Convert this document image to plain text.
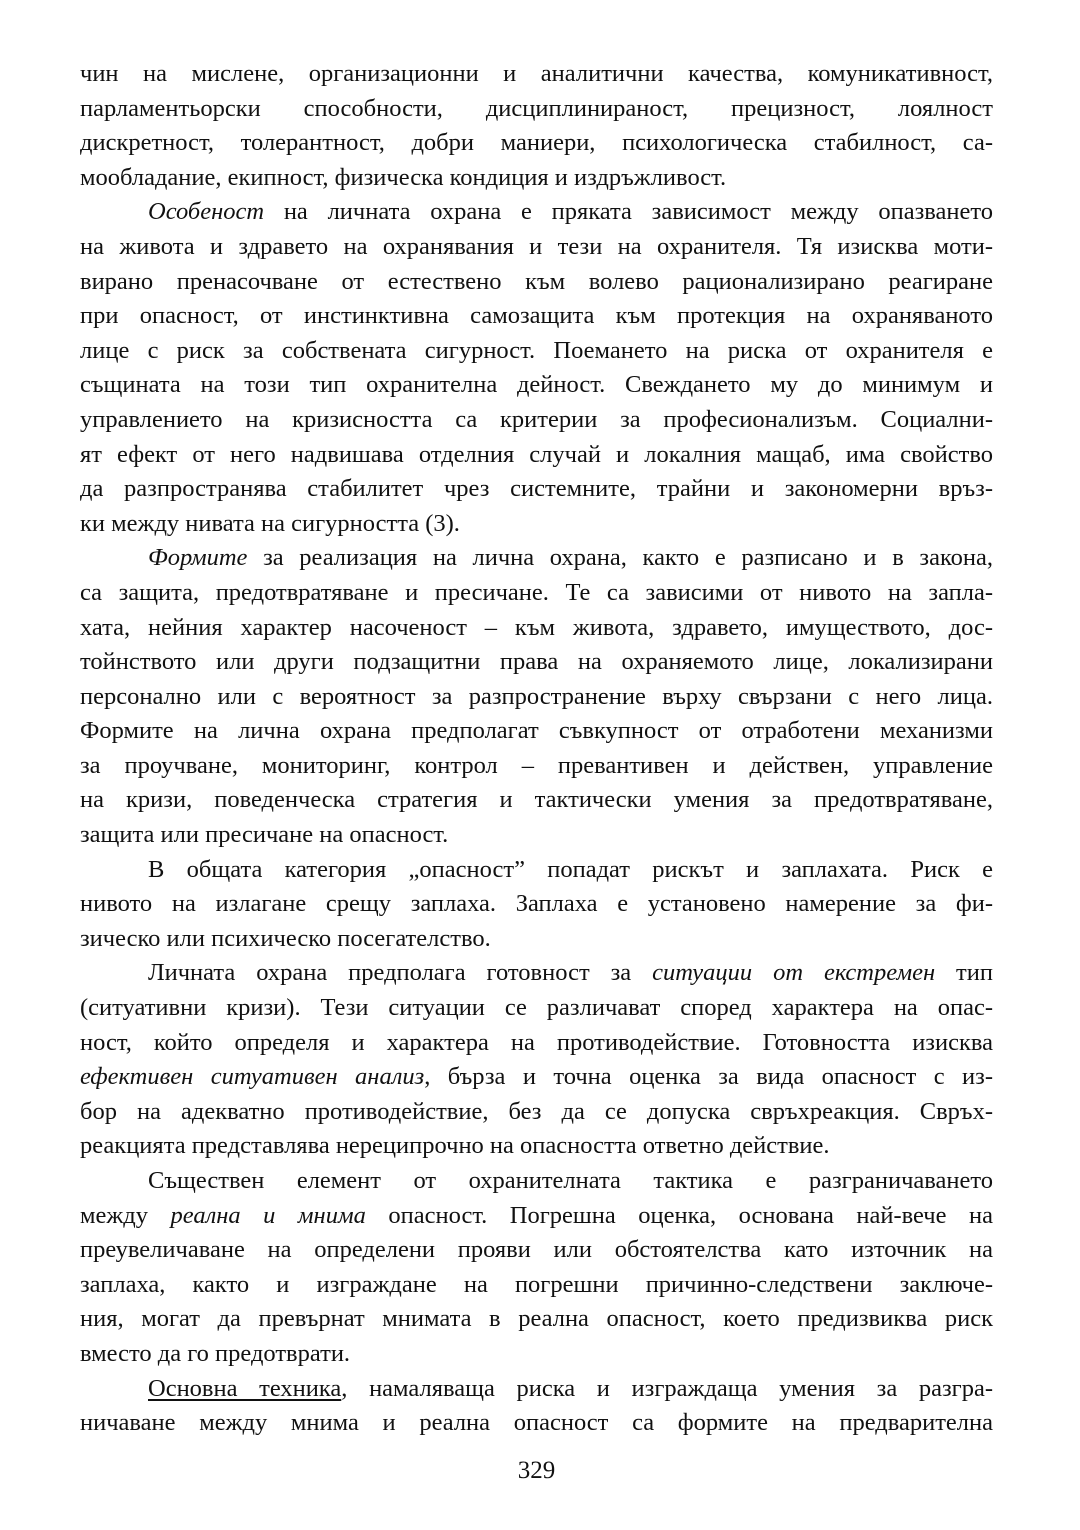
чин на мислене, организационни и аналитични качества, комуникативност,
парламентьорски способности, дисциплинираност, прецизност, лоялност
дискретност, толерантност, добри маниери, психологическа стабилност, са-
мообладание, екипност, физическа кондиция и издръжливост.
Особеност на личната охрана е пряката зависимост между опазването
на живота и здравето на охранявания и тези на охранителя. Тя изисква моти-
вирано пренасочване от естествено към волево рационализирано реагиране
при опасност, от инстинктивна самозащита към протекция на охраняваното
лице с риск за собствената сигурност. Поемането на риска от охранителя е
същината на този тип охранителна дейност. Свеждането му до минимум и
управлението на кризисността са критерии за професионализъм. Социални-
ят ефект от него надвишава отделния случай и локалния мащаб, има свойство
да разпространява стабилитет чрез системните, трайни и закономерни връз-
ки между нивата на сигурността (3).
Формите за реализация на лична охрана, както е разписано и в закона,
са защита, предотвратяване и пресичане. Те са зависими от нивото на запла-
хата, нейния характер насоченост – към живота, здравето, имуществото, дос-
тойнството или други подзащитни права на охраняемото лице, локализирани
персонално или с вероятност за разпространение върху свързани с него лица.
Формите на лична охрана предполагат съвкупност от отработени механизми
за проучване, мониторинг, контрол – превантивен и действен, управление
на кризи, поведенческа стратегия и тактически умения за предотвратяване,
защита или пресичане на опасност.
В общата категория „опасност” попадат рискът и заплахата. Риск е
нивото на излагане срещу заплаха. Заплаха е установено намерение за фи-
зическо или психическо посегателство.
Личната охрана предполага готовност за ситуации от екстремен тип
(ситуативни кризи). Тези ситуации се различават според характера на опас-
ност, който определя и характера на противодействие. Готовността изисква
ефективен ситуативен анализ, бърза и точна оценка за вида опасност с из-
бор на адекватно противодействие, без да се допуска свръхреакция. Свръх-
реакцията представлява нереципрочно на опасността ответно действие.
Съществен елемент от охранителната тактика е разграничаването
между реална и мнима опасност. Погрешна оценка, основана най-вече на
преувеличаване на определени прояви или обстоятелства като източник на
заплаха, както и изграждане на погрешни причинно-следствени заключе-
ния, могат да превърнат мнимата в реална опасност, което предизвиква риск
вместо да го предотврати.
Основна техника, намаляваща риска и изграждаща умения за разгра-
ничаване между мнима и реална опасност са формите на предварителна
329
